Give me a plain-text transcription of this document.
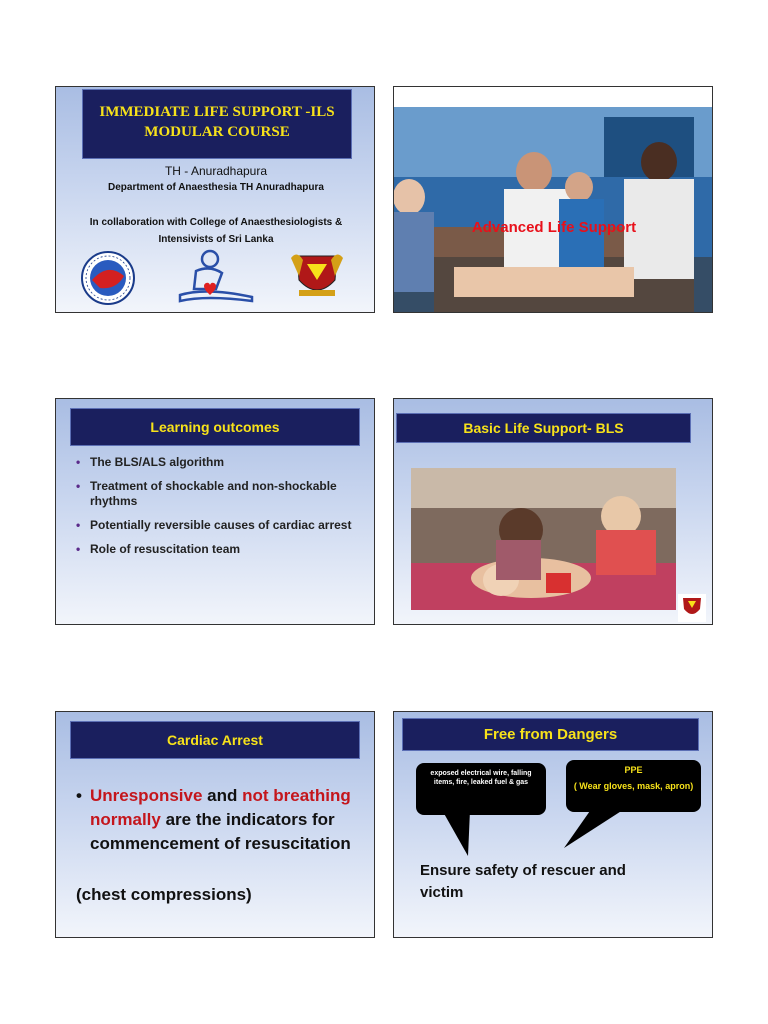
IMMEDIATE LIFE SUPPORT -ILS
MODULAR COURSE
TH - Anuradhapura
Department of Anaesthesia TH Anuradhapura
In collaboration with College of Anaesthesiologists &
Intensivists of Sri Lanka
Advanced Life Support
Learning outcomes
• The BLS/ALS algorithm
• Treatment of shockable and non-shockable rhythms
• Potentially reversible causes of cardiac arrest
• Role of resuscitation team
Basic Life Support- BLS
Cardiac Arrest
• Unresponsive and not breathing normally are the indicators for commencement of resuscitation
(chest compressions)
Free from Dangers
exposed electrical wire, falling items, fire, leaked fuel & gas
PPE
( Wear gloves, mask, apron)
Ensure safety of rescuer and victim
